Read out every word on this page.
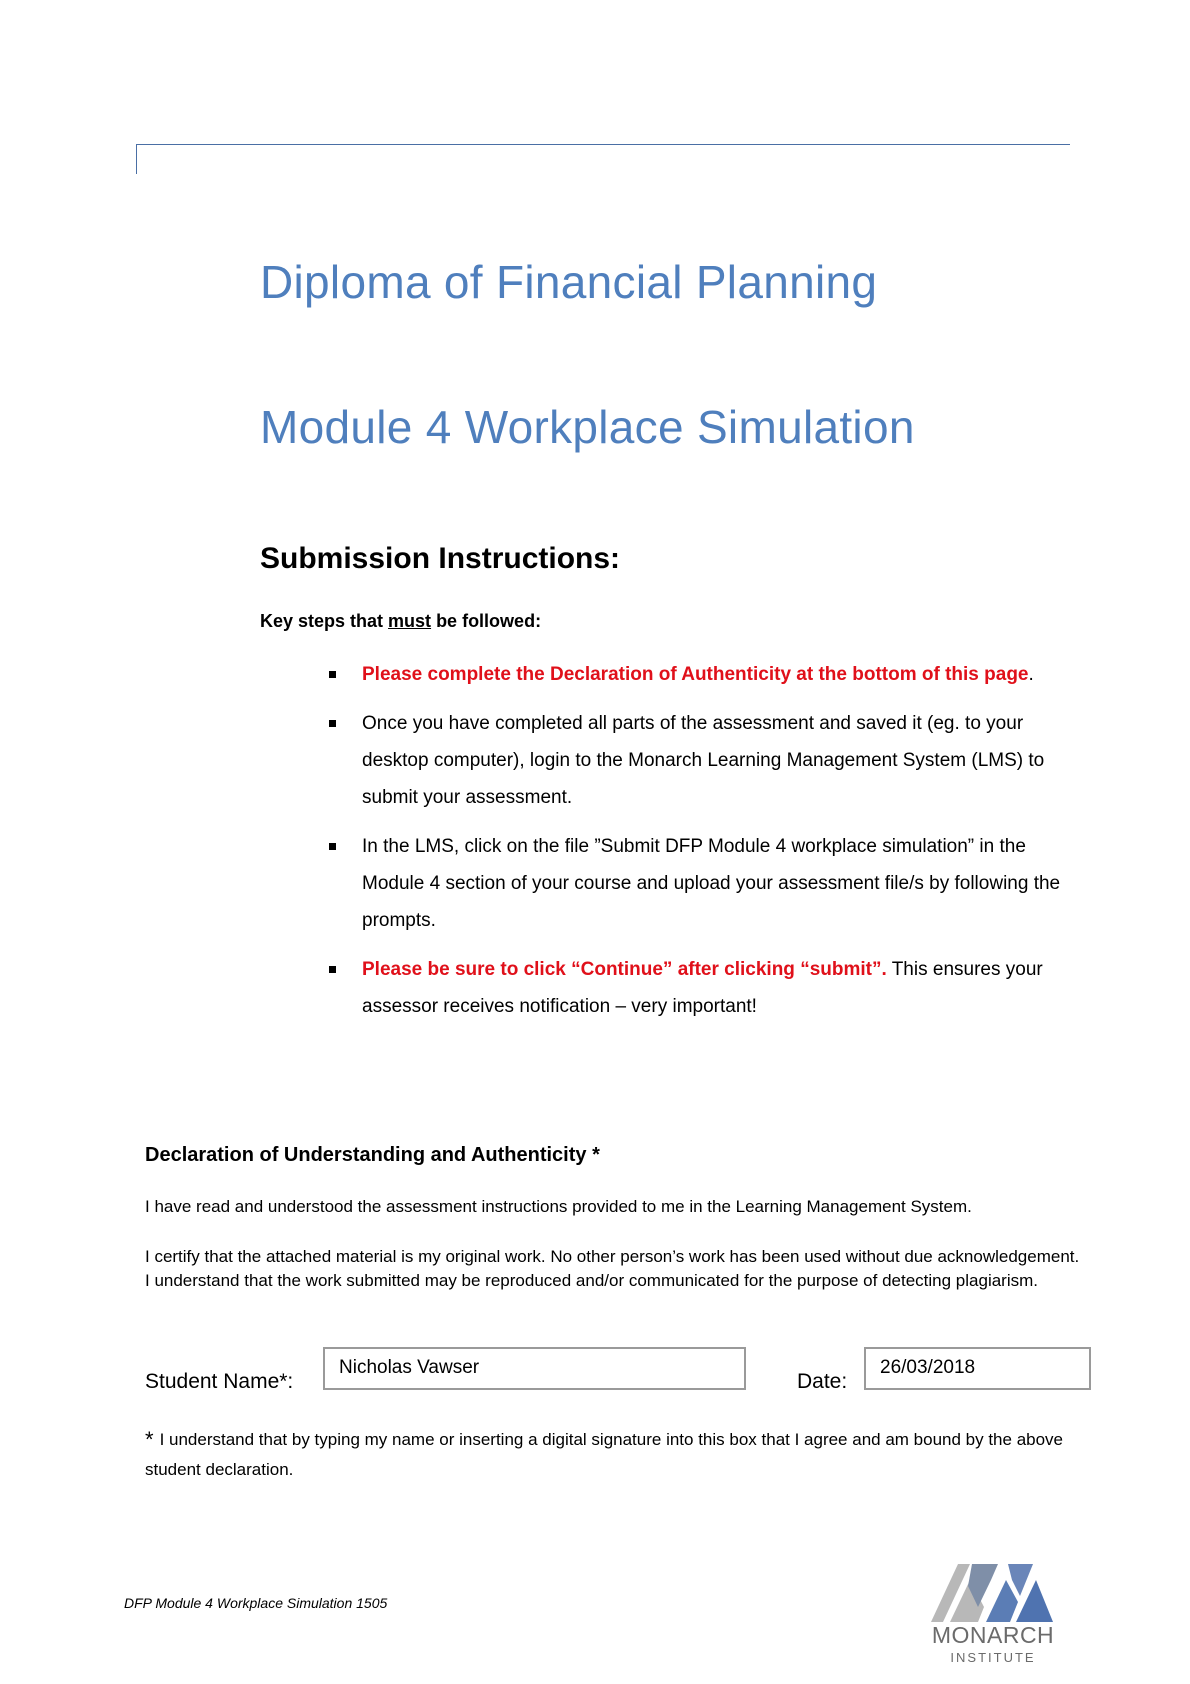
Diploma of Financial Planning
Module 4 Workplace Simulation
Submission Instructions:
Key steps that must be followed:
Please complete the Declaration of Authenticity at the bottom of this page.
Once you have completed all parts of the assessment and saved it (eg. to your desktop computer), login to the Monarch Learning Management System (LMS) to submit your assessment.
In the LMS, click on the file ”Submit DFP Module 4 workplace simulation” in the Module 4 section of your course and upload your assessment file/s by following the prompts.
Please be sure to click “Continue” after clicking “submit”. This ensures your assessor receives notification – very important!
Declaration of Understanding and Authenticity *
I have read and understood the assessment instructions provided to me in the Learning Management System.
I certify that the attached material is my original work. No other person’s work has been used without due acknowledgement. I understand that the work submitted may be reproduced and/or communicated for the purpose of detecting plagiarism.
Student Name*:
Nicholas Vawser
Date:
26/03/2018
* I understand that by typing my name or inserting a digital signature into this box that I agree and am bound by the above student declaration.
DFP Module 4 Workplace Simulation 1505
MONARCH
INSTITUTE
